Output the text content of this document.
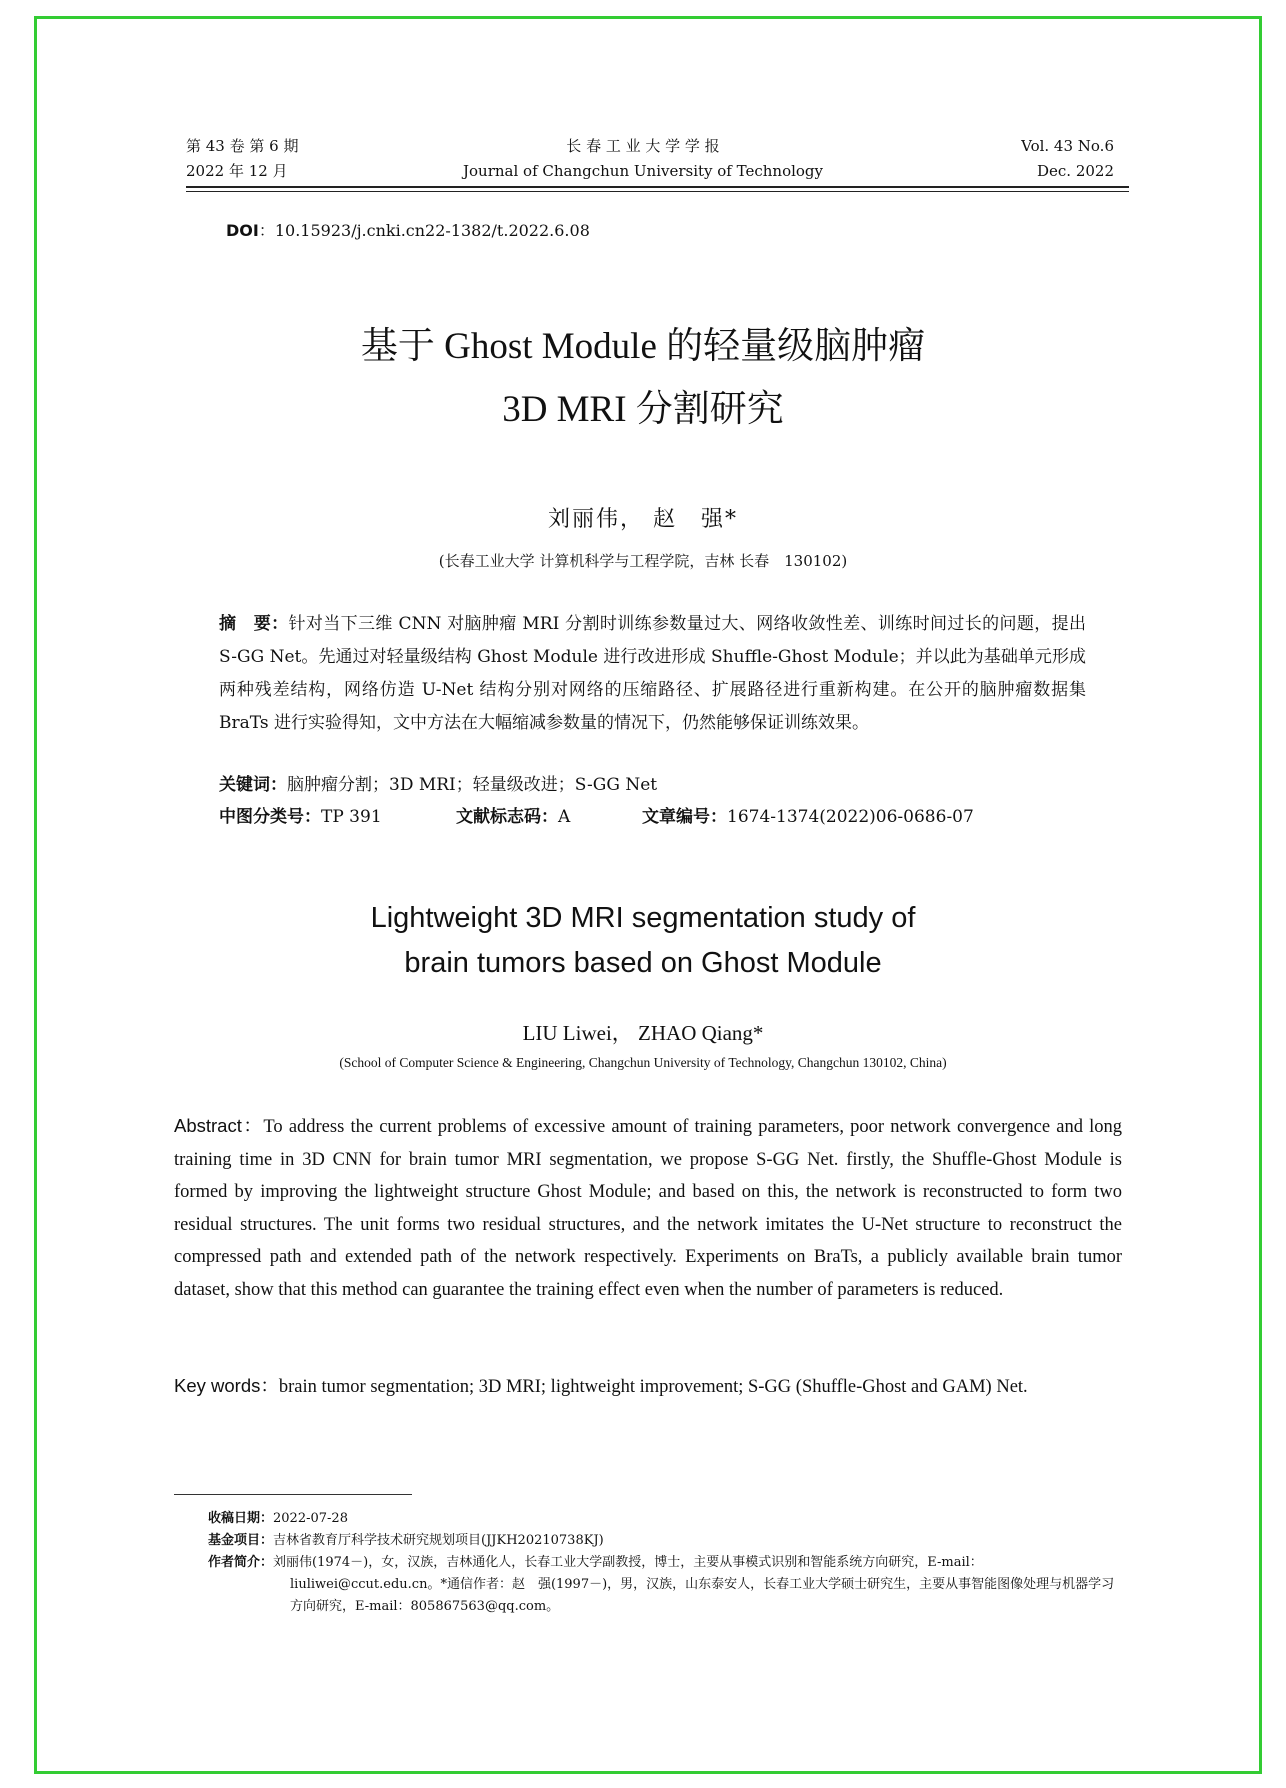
第 43 卷 第 6 期
2022 年 12 月
长 春 工 业 大 学 学 报
Journal of Changchun University of Technology
Vol. 43 No.6
Dec. 2022
DOI：10.15923/j.cnki.cn22-1382/t.2022.6.08
基于 Ghost Module 的轻量级脑肿瘤
3D MRI 分割研究
刘丽伟， 赵　强*
(长春工业大学 计算机科学与工程学院，吉林 长春　130102)
摘　要：针对当下三维 CNN 对脑肿瘤 MRI 分割时训练参数量过大、网络收敛性差、训练时间过长的问题，提出 S-GG Net。先通过对轻量级结构 Ghost Module 进行改进形成 Shuffle-Ghost Module；并以此为基础单元形成两种残差结构，网络仿造 U-Net 结构分别对网络的压缩路径、扩展路径进行重新构建。在公开的脑肿瘤数据集 BraTs 进行实验得知，文中方法在大幅缩减参数量的情况下，仍然能够保证训练效果。
关键词：脑肿瘤分割；3D MRI；轻量级改进；S-GG Net
中图分类号：TP 391	文献标志码：A	文章编号：1674-1374(2022)06-0686-07
Lightweight 3D MRI segmentation study of
brain tumors based on Ghost Module
LIU Liwei， ZHAO Qiang*
(School of Computer Science & Engineering, Changchun University of Technology, Changchun 130102, China)
Abstract：To address the current problems of excessive amount of training parameters, poor network convergence and long training time in 3D CNN for brain tumor MRI segmentation, we propose S-GG Net. firstly, the Shuffle-Ghost Module is formed by improving the lightweight structure Ghost Module; and based on this, the network is reconstructed to form two residual structures. The unit forms two residual structures, and the network imitates the U-Net structure to reconstruct the compressed path and extended path of the network respectively. Experiments on BraTs, a publicly available brain tumor dataset, show that this method can guarantee the training effect even when the number of parameters is reduced.
Key words：brain tumor segmentation; 3D MRI; lightweight improvement; S-GG (Shuffle-Ghost and GAM) Net.
收稿日期：2022-07-28
基金项目：吉林省教育厅科学技术研究规划项目(JJKH20210738KJ)
作者简介：刘丽伟(1974－)，女，汉族，吉林通化人，长春工业大学副教授，博士，主要从事模式识别和智能系统方向研究，E-mail：liuliwei@ccut.edu.cn。*通信作者：赵　强(1997－)，男，汉族，山东泰安人，长春工业大学硕士研究生，主要从事智能图像处理与机器学习方向研究，E-mail：805867563@qq.com。
